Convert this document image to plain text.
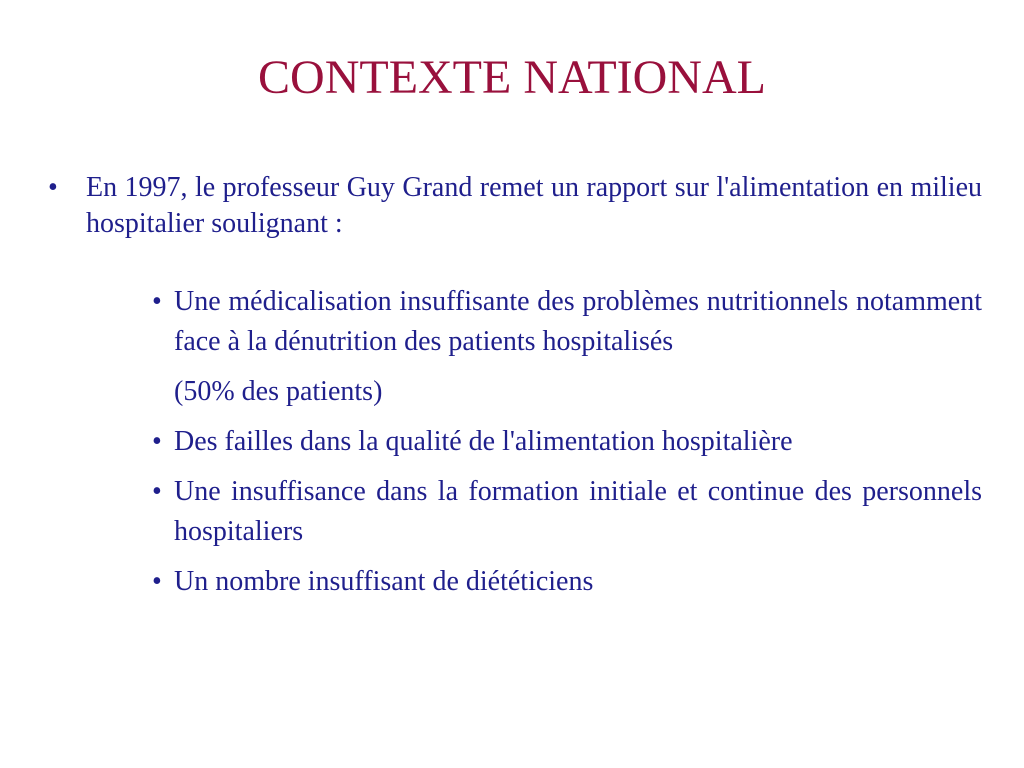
CONTEXTE NATIONAL
•	En 1997, le professeur Guy Grand remet un rapport sur l'alimentation en milieu hospitalier soulignant :
• Une médicalisation insuffisante des problèmes nutritionnels notamment face à la dénutrition des patients hospitalisés
(50% des patients)
• Des failles dans la qualité de l'alimentation hospitalière
• Une insuffisance dans la formation initiale et continue des personnels hospitaliers
• Un nombre insuffisant de diététiciens
